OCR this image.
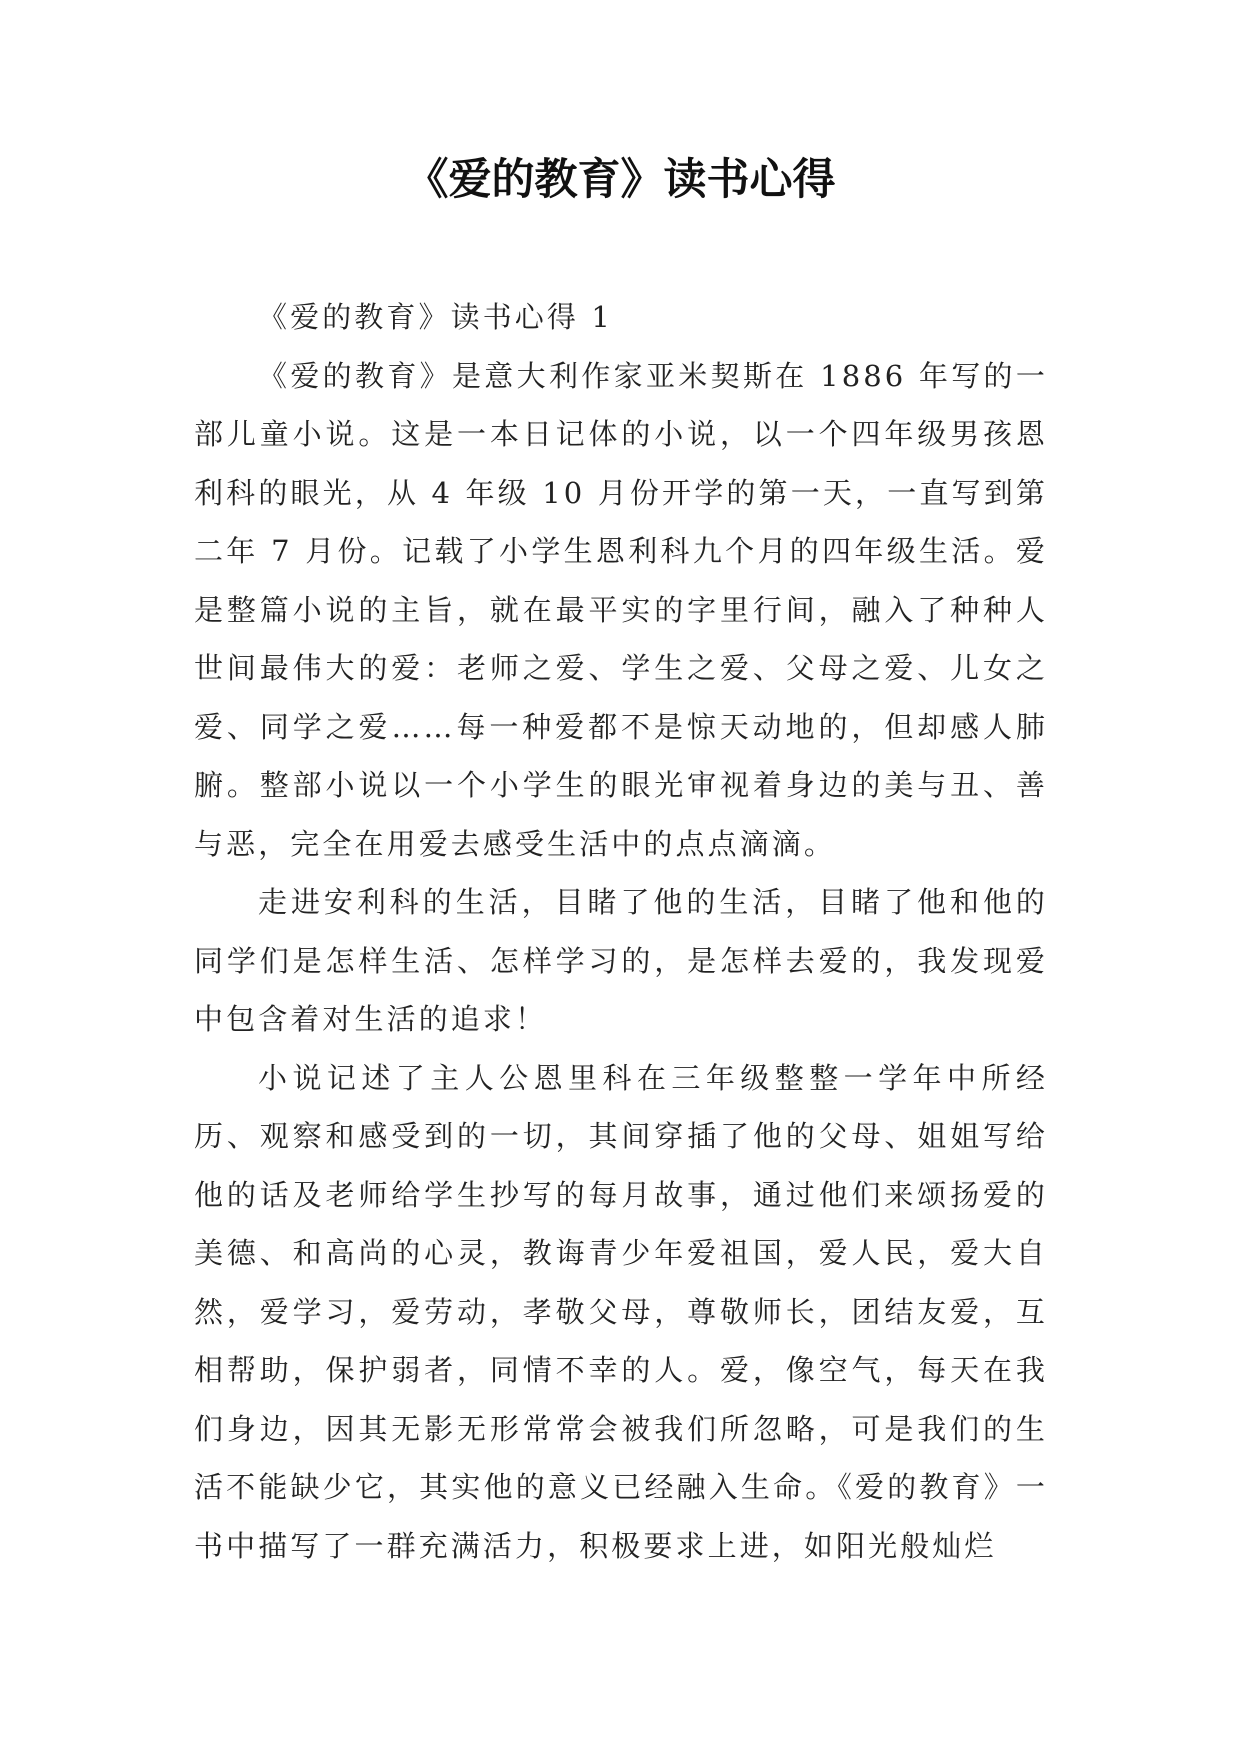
《爱的教育》读书心得

《爱的教育》读书心得 1

《爱的教育》是意大利作家亚米契斯在 1886 年写的一部儿童小说。这是一本日记体的小说，以一个四年级男孩恩利科的眼光，从 4 年级 10 月份开学的第一天，一直写到第二年 7 月份。记载了小学生恩利科九个月的四年级生活。爱是整篇小说的主旨，就在最平实的字里行间，融入了种种人世间最伟大的爱：老师之爱、学生之爱、父母之爱、儿女之爱、同学之爱……每一种爱都不是惊天动地的，但却感人肺腑。整部小说以一个小学生的眼光审视着身边的美与丑、善与恶，完全在用爱去感受生活中的点点滴滴。

走进安利科的生活，目睹了他的生活，目睹了他和他的同学们是怎样生活、怎样学习的，是怎样去爱的，我发现爱中包含着对生活的追求！

小说记述了主人公恩里科在三年级整整一学年中所经历、观察和感受到的一切，其间穿插了他的父母、姐姐写给他的话及老师给学生抄写的每月故事，通过他们来颂扬爱的美德、和高尚的心灵，教诲青少年爱祖国，爱人民，爱大自然，爱学习，爱劳动，孝敬父母，尊敬师长，团结友爱，互相帮助，保护弱者，同情不幸的人。爱，像空气，每天在我们身边，因其无影无形常常会被我们所忽略，可是我们的生活不能缺少它，其实他的意义已经融入生命。《爱的教育》一书中描写了一群充满活力，积极要求上进，如阳光般灿烂
